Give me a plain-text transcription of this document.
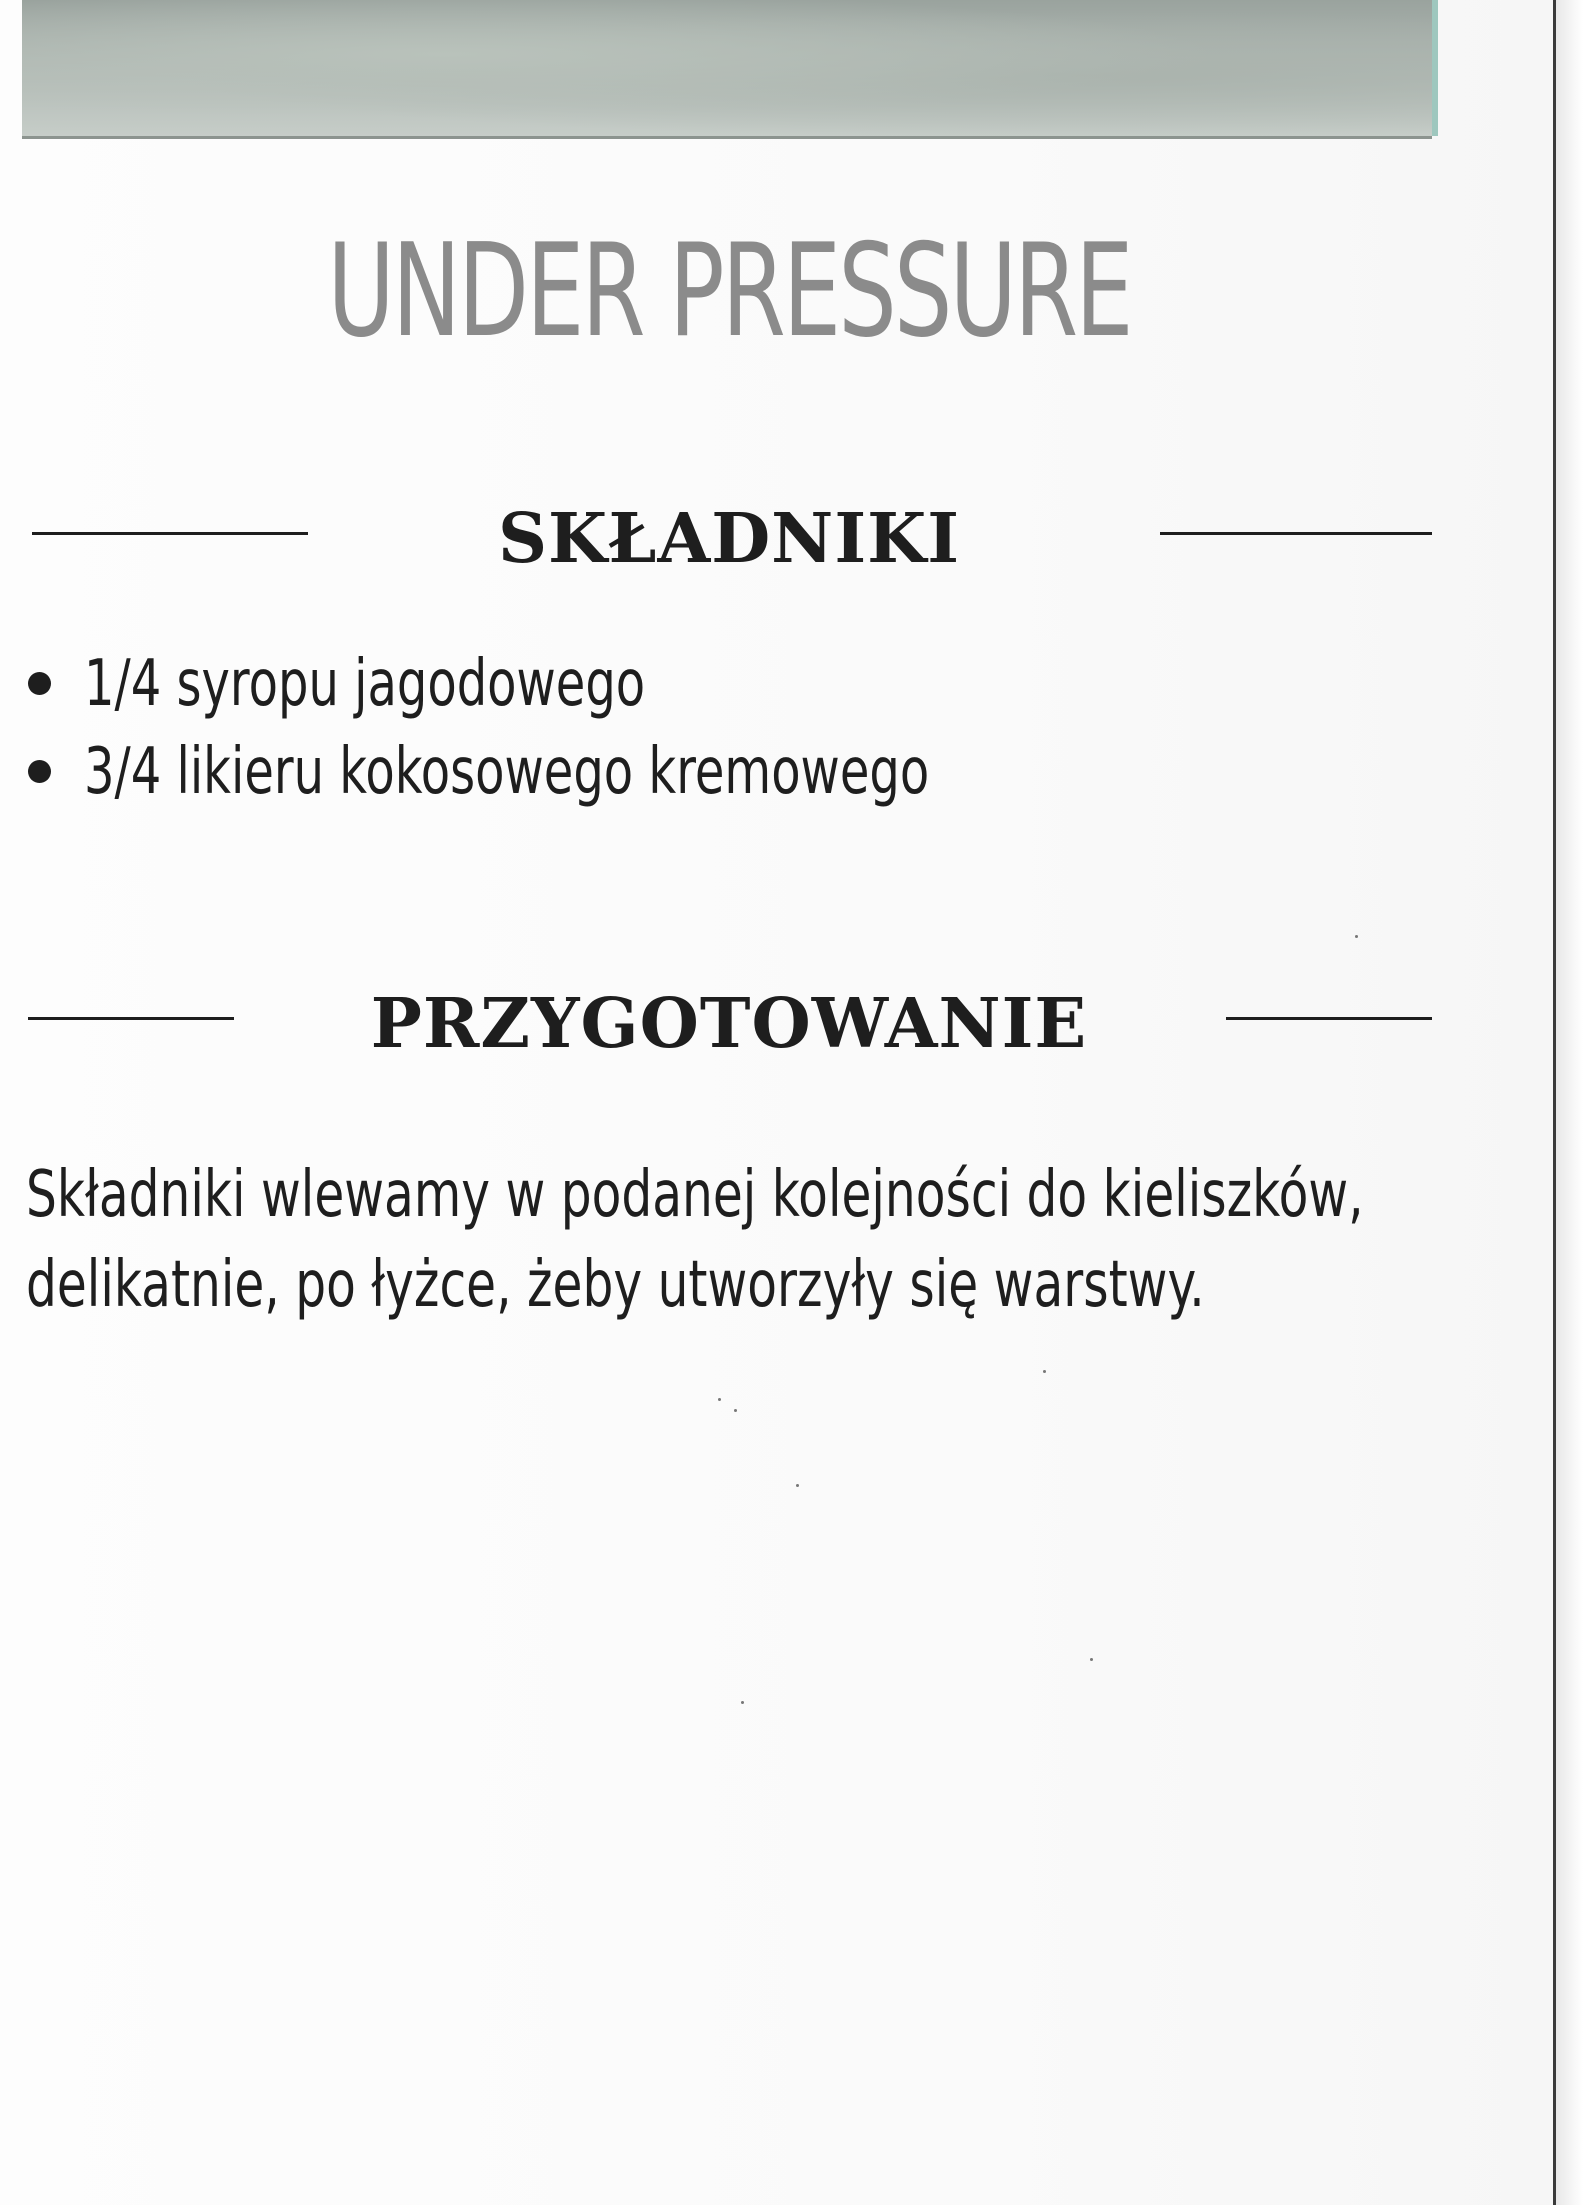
UNDER PRESSURE
SKŁADNIKI
1/4 syropu jagodowego
3/4 likieru kokosowego kremowego
PRZYGOTOWANIE

Składniki wlewamy w podanej kolejności do kieliszków, delikatnie, po łyżce, żeby utworzyły się warstwy.
